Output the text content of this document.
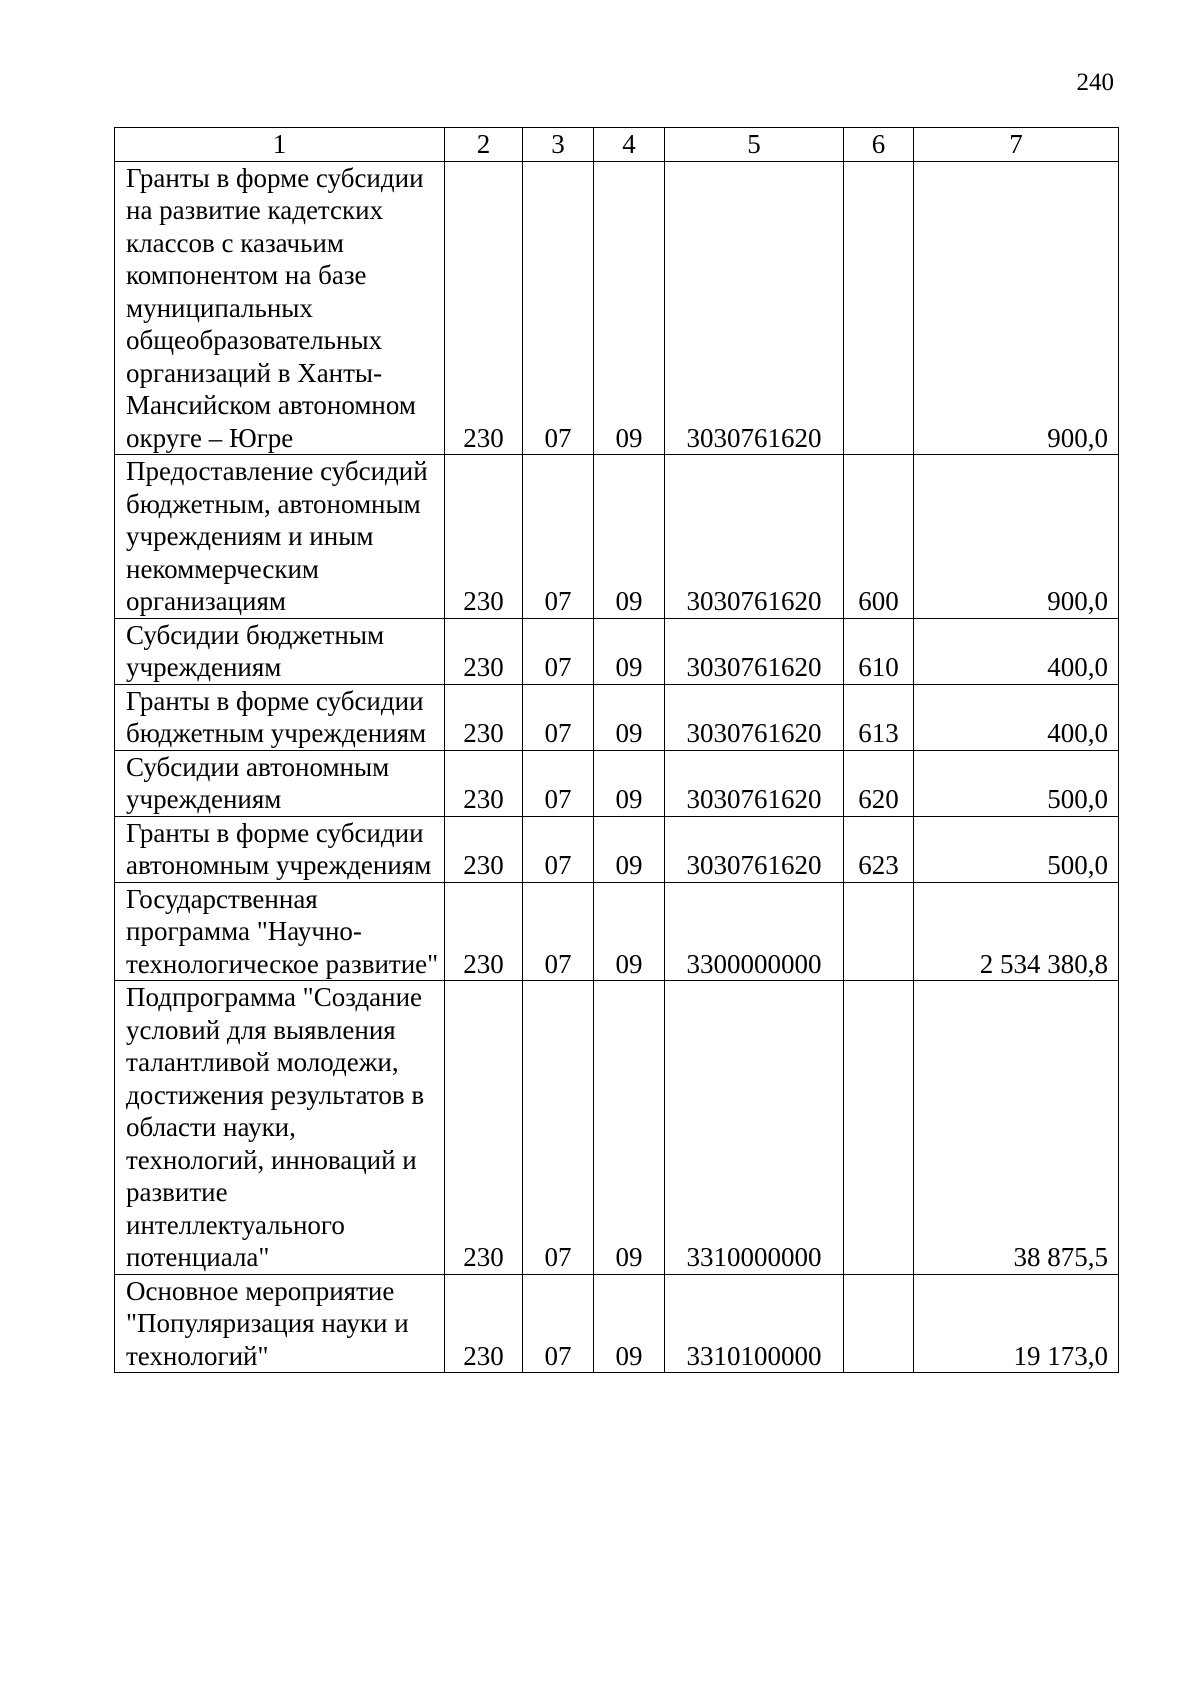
240
1	2	3	4	5	6	7
Гранты в форме субсидии на развитие кадетских классов с казачьим компонентом на базе муниципальных общеобразовательных организаций в Ханты-Мансийском автономном округе – Югре	230	07	09	3030761620		900,0
Предоставление субсидий бюджетным, автономным учреждениям и иным некоммерческим организациям	230	07	09	3030761620	600	900,0
Субсидии бюджетным учреждениям	230	07	09	3030761620	610	400,0
Гранты в форме субсидии бюджетным учреждениям	230	07	09	3030761620	613	400,0
Субсидии автономным учреждениям	230	07	09	3030761620	620	500,0
Гранты в форме субсидии автономным учреждениям	230	07	09	3030761620	623	500,0
Государственная программа "Научно-технологическое развитие"	230	07	09	3300000000		2 534 380,8
Подпрограмма "Создание условий для выявления талантливой молодежи, достижения результатов в области науки, технологий, инноваций и развитие интеллектуального потенциала"	230	07	09	3310000000		38 875,5
Основное мероприятие "Популяризация науки и технологий"	230	07	09	3310100000		19 173,0
